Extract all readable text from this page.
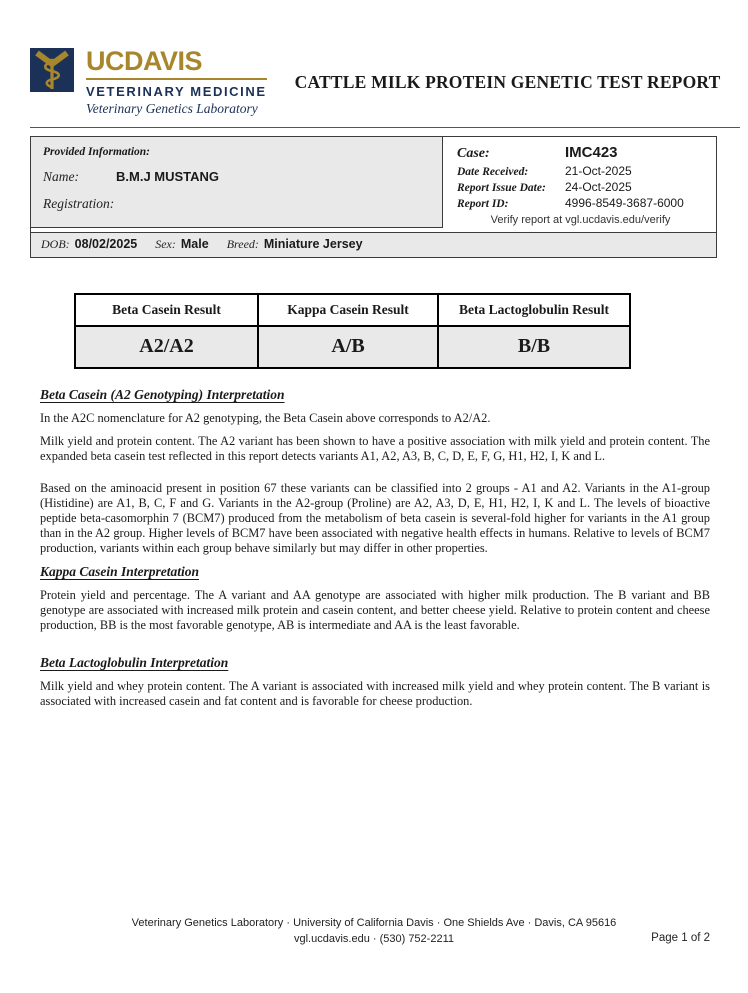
UCDAVIS
VETERINARY MEDICINE
Veterinary Genetics Laboratory
CATTLE MILK PROTEIN GENETIC TEST REPORT
Provided Information:
Name:	B.M.J MUSTANG
Registration:
Case:	IMC423
Date Received:	21-Oct-2025
Report Issue Date:	24-Oct-2025
Report ID:	4996-8549-3687-6000
Verify report at vgl.ucdavis.edu/verify
DOB: 08/02/2025 Sex: Male Breed: Miniature Jersey
Beta Casein Result	Kappa Casein Result	Beta Lactoglobulin Result
A2/A2	A/B	B/B
Beta Casein (A2 Genotyping) Interpretation

In the A2C nomenclature for A2 genotyping, the Beta Casein above corresponds to A2/A2.

Milk yield and protein content. The A2 variant has been shown to have a positive association with milk yield and protein content. The expanded beta casein test reflected in this report detects variants A1, A2, A3, B, C, D, E, F, G, H1, H2, I, K and L.

Based on the aminoacid present in position 67 these variants can be classified into 2 groups - A1 and A2. Variants in the A1-group (Histidine) are A1, B, C, F and G. Variants in the A2-group (Proline) are A2, A3, D, E, H1, H2, I, K and L. The levels of bioactive peptide beta-casomorphin 7 (BCM7) produced from the metabolism of beta casein is several-fold higher for variants in the A1 group than in the A2 group. Higher levels of BCM7 have been associated with negative health effects in humans. Relative to levels of BCM7 production, variants within each group behave similarly but may differ in other properties.

Kappa Casein Interpretation

Protein yield and percentage. The A variant and AA genotype are associated with higher milk production. The B variant and BB genotype are associated with increased milk protein and casein content, and better cheese yield. Relative to protein content and cheese production, BB is the most favorable genotype, AB is intermediate and AA is the least favorable.

Beta Lactoglobulin Interpretation

Milk yield and whey protein content. The A variant is associated with increased milk yield and whey protein content. The B variant is associated with increased casein and fat content and is favorable for cheese production.

Veterinary Genetics Laboratory · University of California Davis · One Shields Ave · Davis, CA 95616
vgl.ucdavis.edu · (530) 752-2211	Page 1 of 2
